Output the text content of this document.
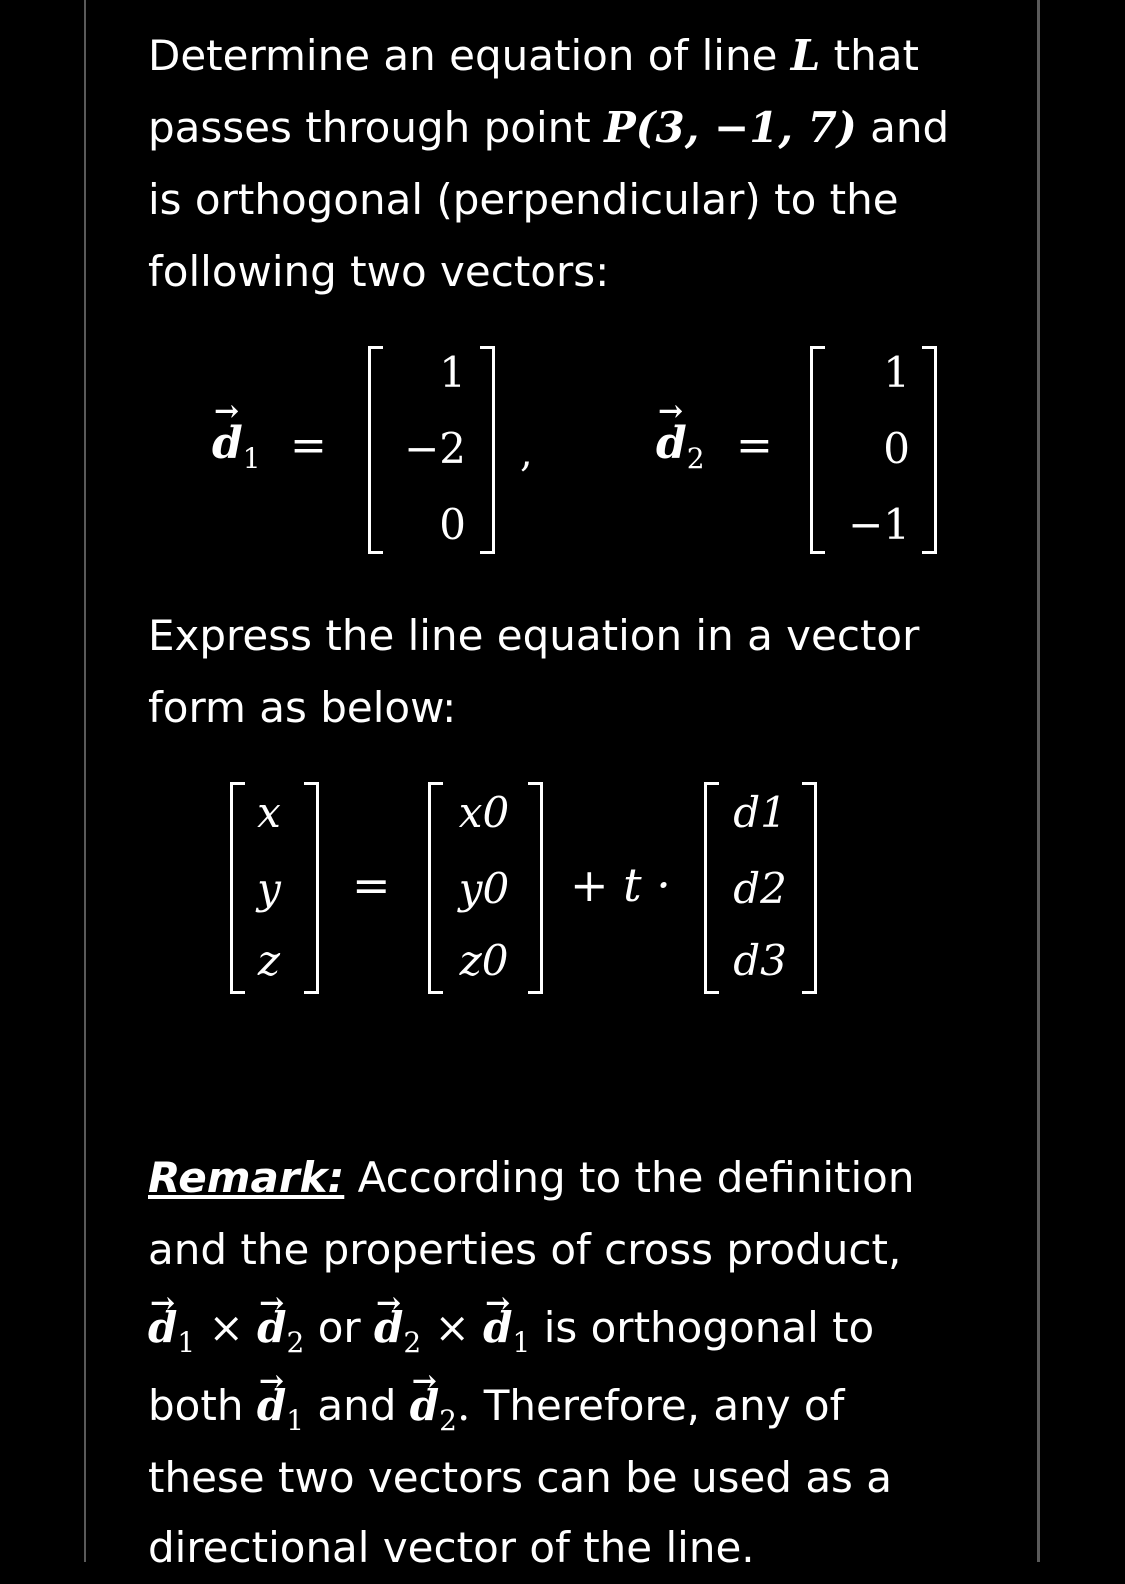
Determine an equation of line L that
passes through point P(3, −1, 7) and
is orthogonal (perpendicular) to the
following two vectors:
→ $d_1$ =
1
−2
0
,	→ $d_2$ =
1
0
−1
Express the line equation in a vector
form as below:
x
y
z
=
x0
y0
z0
+ t ·
d1
d2
d3
Remark: According to the definition
and the properties of cross product,
→ $d_1$ × → $d_2$ or → $d_2$ × → $d_1$ is orthogonal to
both → $d_1$ and → $d_2$. Therefore, any of
these two vectors can be used as a
directional vector of the line.
